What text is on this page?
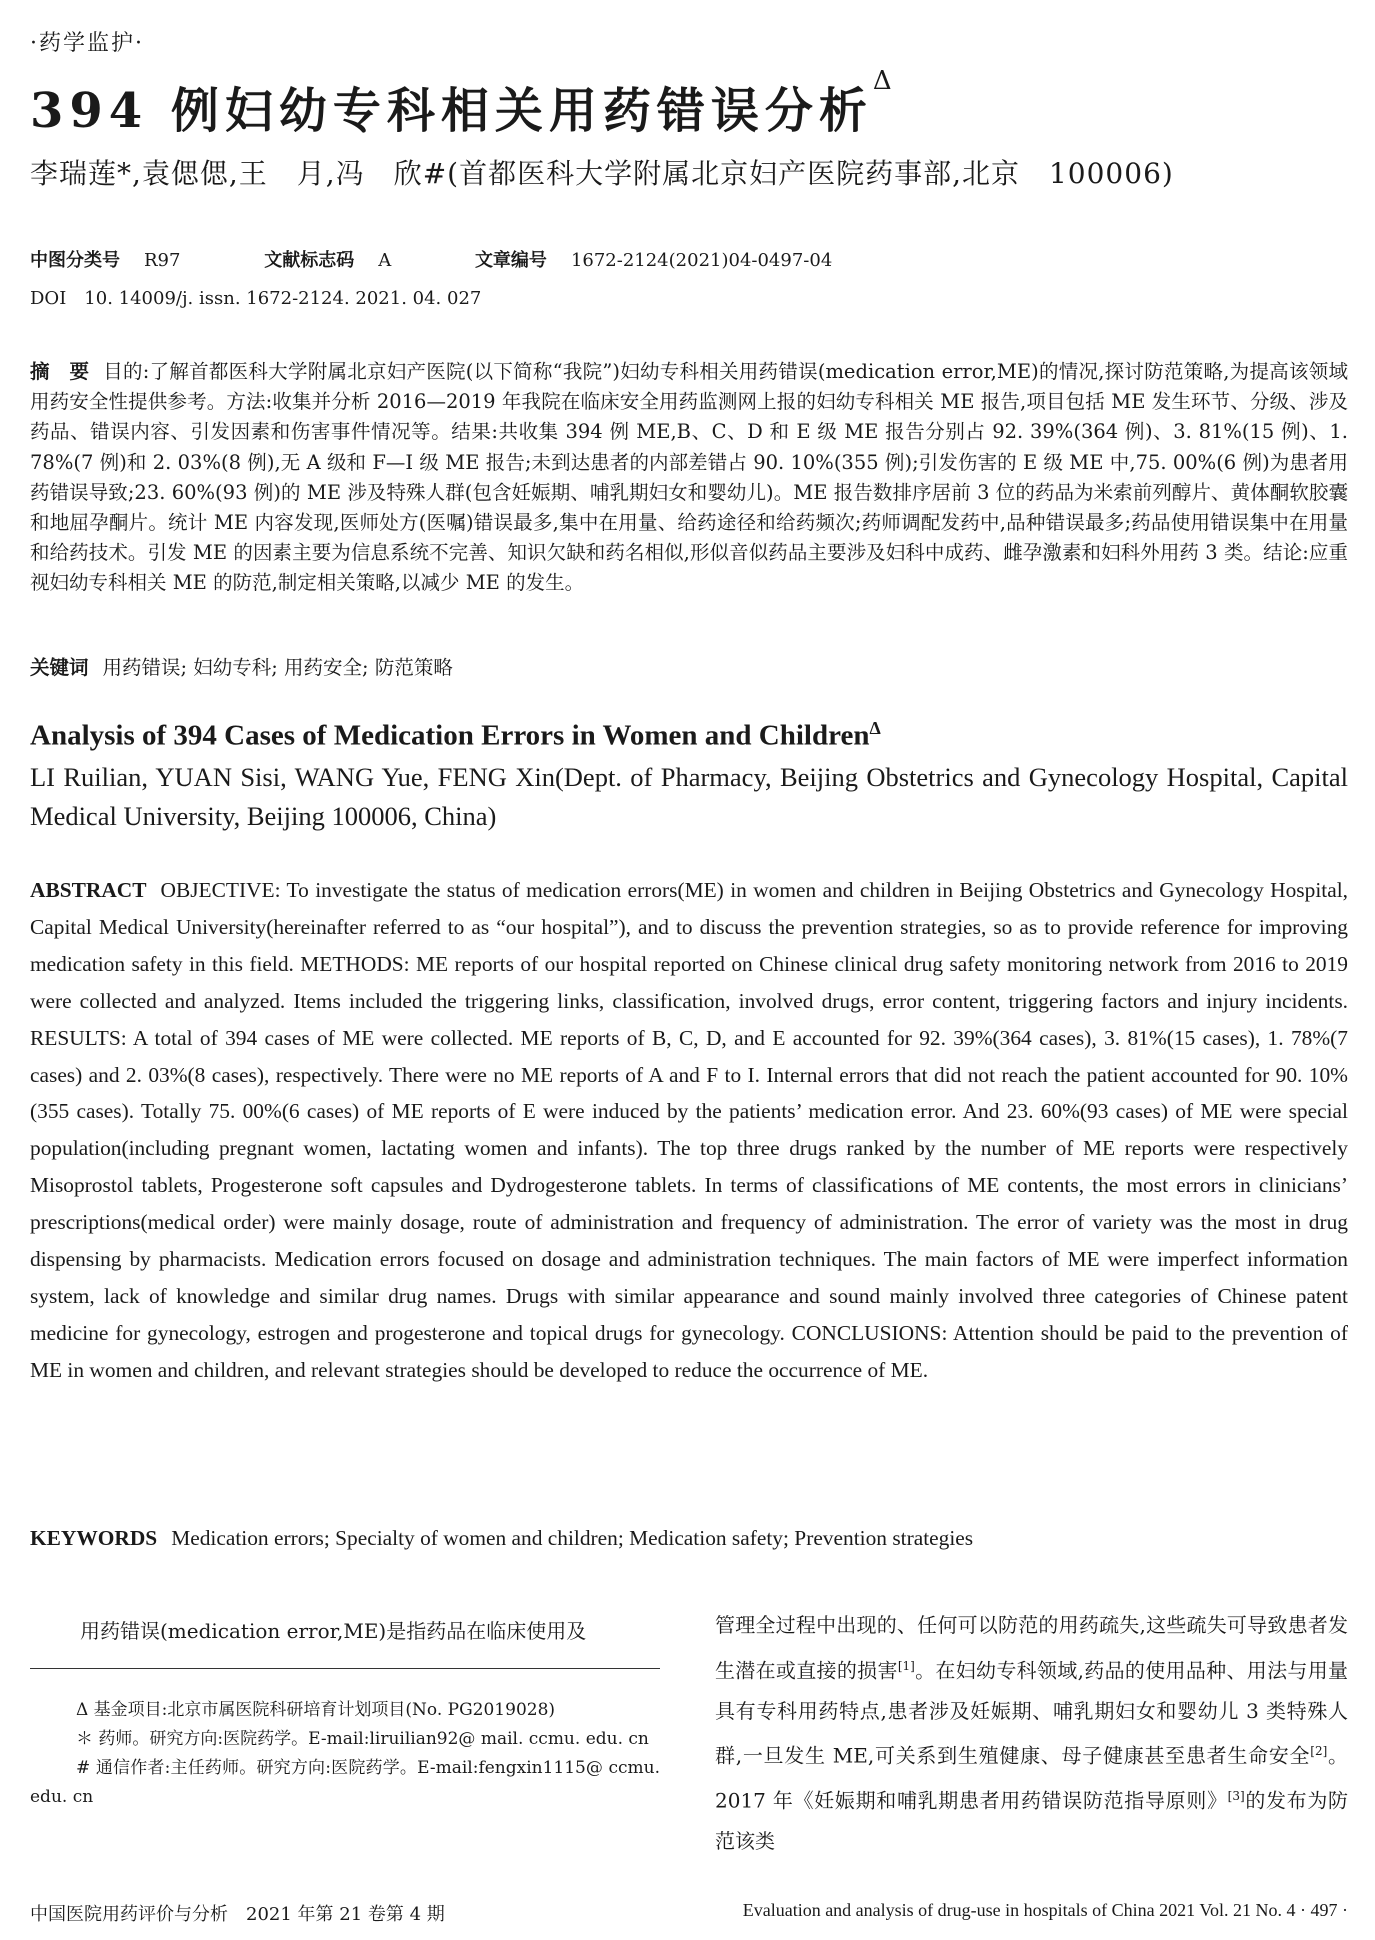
·药学监护·
394 例妇幼专科相关用药错误分析$^\Delta$
李瑞莲*,袁偲偲,王　月,冯　欣#(首都医科大学附属北京妇产医院药事部,北京　100006)
中图分类号 R97	文献标志码 A	文章编号 1672-2124(2021)04-0497-04
DOI　10. 14009/j. issn. 1672-2124. 2021. 04. 027
摘　要 目的:了解首都医科大学附属北京妇产医院(以下简称“我院”)妇幼专科相关用药错误(medication error,ME)的情况,探讨防范策略,为提高该领域用药安全性提供参考。方法:收集并分析 2016—2019 年我院在临床安全用药监测网上报的妇幼专科相关 ME 报告,项目包括 ME 发生环节、分级、涉及药品、错误内容、引发因素和伤害事件情况等。结果:共收集 394 例 ME,B、C、D 和 E 级 ME 报告分别占 92. 39%(364 例)、3. 81%(15 例)、1. 78%(7 例)和 2. 03%(8 例),无 A 级和 F—I 级 ME 报告;未到达患者的内部差错占 90. 10%(355 例);引发伤害的 E 级 ME 中,75. 00%(6 例)为患者用药错误导致;23. 60%(93 例)的 ME 涉及特殊人群(包含妊娠期、哺乳期妇女和婴幼儿)。ME 报告数排序居前 3 位的药品为米索前列醇片、黄体酮软胶囊和地屈孕酮片。统计 ME 内容发现,医师处方(医嘱)错误最多,集中在用量、给药途径和给药频次;药师调配发药中,品种错误最多;药品使用错误集中在用量和给药技术。引发 ME 的因素主要为信息系统不完善、知识欠缺和药名相似,形似音似药品主要涉及妇科中成药、雌孕激素和妇科外用药 3 类。结论:应重视妇幼专科相关 ME 的防范,制定相关策略,以减少 ME 的发生。
关键词 用药错误; 妇幼专科; 用药安全; 防范策略
Analysis of 394 Cases of Medication Errors in Women and Children$^\Delta$
LI Ruilian, YUAN Sisi, WANG Yue, FENG Xin(Dept. of Pharmacy, Beijing Obstetrics and Gynecology Hospital, Capital Medical University, Beijing 100006, China)
ABSTRACT OBJECTIVE: To investigate the status of medication errors(ME) in women and children in Beijing Obstetrics and Gynecology Hospital, Capital Medical University(hereinafter referred to as “our hospital”), and to discuss the prevention strategies, so as to provide reference for improving medication safety in this field. METHODS: ME reports of our hospital reported on Chinese clinical drug safety monitoring network from 2016 to 2019 were collected and analyzed. Items included the triggering links, classification, involved drugs, error content, triggering factors and injury incidents. RESULTS: A total of 394 cases of ME were collected. ME reports of B, C, D, and E accounted for 92. 39%(364 cases), 3. 81%(15 cases), 1. 78%(7 cases) and 2. 03%(8 cases), respectively. There were no ME reports of A and F to I. Internal errors that did not reach the patient accounted for 90. 10%(355 cases). Totally 75. 00%(6 cases) of ME reports of E were induced by the patients’ medication error. And 23. 60%(93 cases) of ME were special population(including pregnant women, lactating women and infants). The top three drugs ranked by the number of ME reports were respectively Misoprostol tablets, Progesterone soft capsules and Dydrogesterone tablets. In terms of classifications of ME contents, the most errors in clinicians’ prescriptions(medical order) were mainly dosage, route of administration and frequency of administration. The error of variety was the most in drug dispensing by pharmacists. Medication errors focused on dosage and administration techniques. The main factors of ME were imperfect information system, lack of knowledge and similar drug names. Drugs with similar appearance and sound mainly involved three categories of Chinese patent medicine for gynecology, estrogen and progesterone and topical drugs for gynecology. CONCLUSIONS: Attention should be paid to the prevention of ME in women and children, and relevant strategies should be developed to reduce the occurrence of ME.
KEYWORDS Medication errors; Specialty of women and children; Medication safety; Prevention strategies
用药错误(medication error,ME)是指药品在临床使用及

Δ 基金项目:北京市属医院科研培育计划项目(No. PG2019028)

＊ 药师。研究方向:医院药学。E-mail:liruilian92@ mail. ccmu. edu. cn

# 通信作者:主任药师。研究方向:医院药学。E-mail:fengxin1115@ ccmu. edu. cn

管理全过程中出现的、任何可以防范的用药疏失,这些疏失可导致患者发生潜在或直接的损害[1]。在妇幼专科领域,药品的使用品种、用法与用量具有专科用药特点,患者涉及妊娠期、哺乳期妇女和婴幼儿 3 类特殊人群,一旦发生 ME,可关系到生殖健康、母子健康甚至患者生命安全[2]。2017 年《妊娠期和哺乳期患者用药错误防范指导原则》[3]的发布为防范该类
中国医院用药评价与分析　2021 年第 21 卷第 4 期	Evaluation and analysis of drug-use in hospitals of China 2021 Vol. 21 No. 4 · 497 ·
